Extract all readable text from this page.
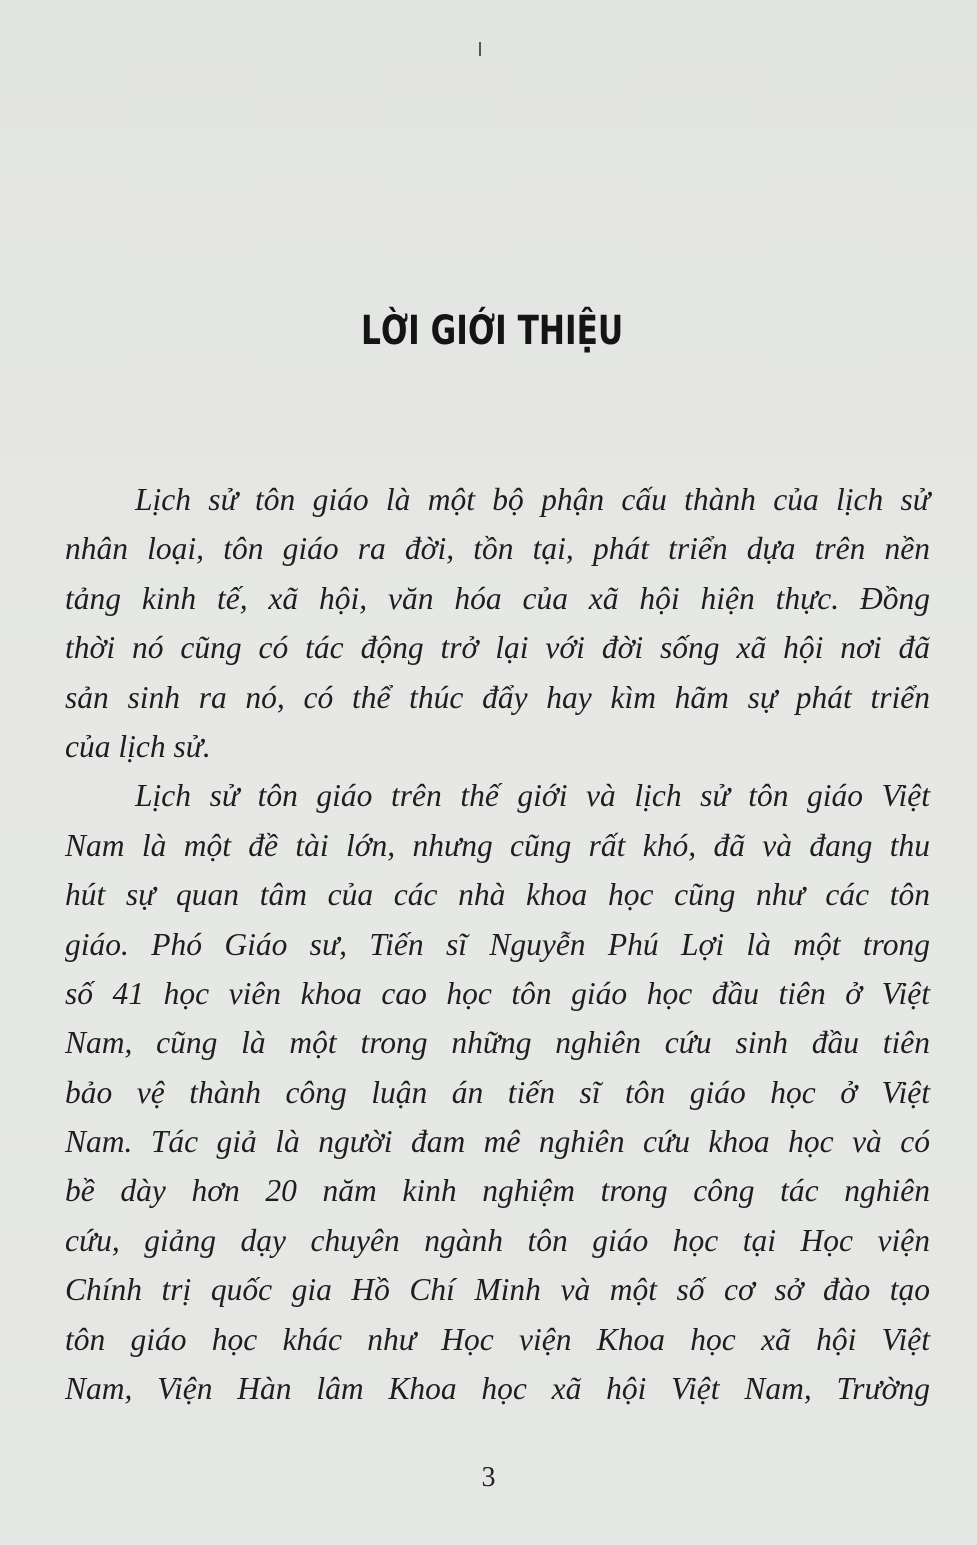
LỜI GIỚI THIỆU
Lịch sử tôn giáo là một bộ phận cấu thành của lịch sử
nhân loại, tôn giáo ra đời, tồn tại, phát triển dựa trên nền
tảng kinh tế, xã hội, văn hóa của xã hội hiện thực. Đồng
thời nó cũng có tác động trở lại với đời sống xã hội nơi đã
sản sinh ra nó, có thể thúc đẩy hay kìm hãm sự phát triển
của lịch sử.
Lịch sử tôn giáo trên thế giới và lịch sử tôn giáo Việt
Nam là một đề tài lớn, nhưng cũng rất khó, đã và đang thu
hút sự quan tâm của các nhà khoa học cũng như các tôn
giáo. Phó Giáo sư, Tiến sĩ Nguyễn Phú Lợi là một trong
số 41 học viên khoa cao học tôn giáo học đầu tiên ở Việt
Nam, cũng là một trong những nghiên cứu sinh đầu tiên
bảo vệ thành công luận án tiến sĩ tôn giáo học ở Việt
Nam. Tác giả là người đam mê nghiên cứu khoa học và có
bề dày hơn 20 năm kinh nghiệm trong công tác nghiên
cứu, giảng dạy chuyên ngành tôn giáo học tại Học viện
Chính trị quốc gia Hồ Chí Minh và một số cơ sở đào tạo
tôn giáo học khác như Học viện Khoa học xã hội Việt
Nam, Viện Hàn lâm Khoa học xã hội Việt Nam, Trường
3
